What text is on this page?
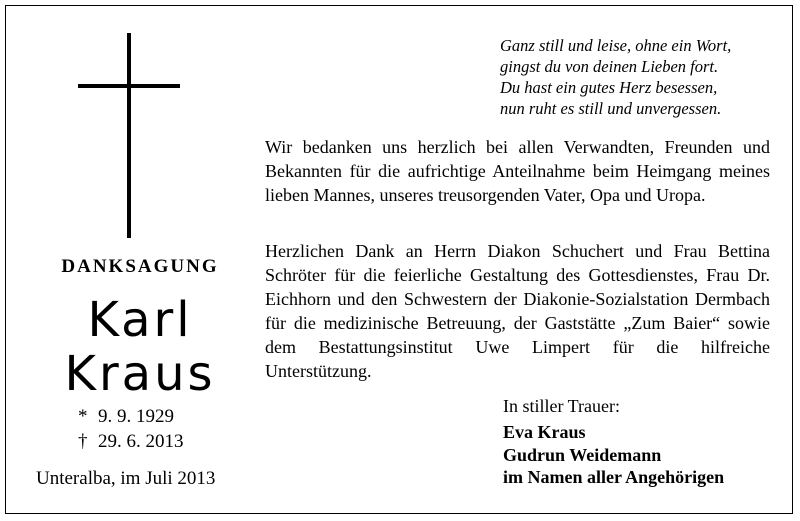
DANKSAGUNG
Karl
Kraus
* 9. 9. 1929
† 29. 6. 2013
Unteralba, im Juli 2013
Ganz still und leise, ohne ein Wort,
gingst du von deinen Lieben fort.
Du hast ein gutes Herz besessen,
nun ruht es still und unvergessen.
Wir bedanken uns herzlich bei allen Verwandten, Freunden und Bekannten für die aufrichtige Anteilnahme beim Heimgang meines lieben Mannes, unseres treusorgenden Vater, Opa und Uropa.
Herzlichen Dank an Herrn Diakon Schuchert und Frau Bettina Schröter für die feierliche Gestaltung des Gottesdienstes, Frau Dr. Eichhorn und den Schwestern der Diakonie-Sozialstation Dermbach für die medizinische Betreuung, der Gaststätte „Zum Baier“ sowie dem Bestattungsinstitut Uwe Limpert für die hilfreiche Unterstützung.
In stiller Trauer:
Eva Kraus
Gudrun Weidemann
im Namen aller Angehörigen
